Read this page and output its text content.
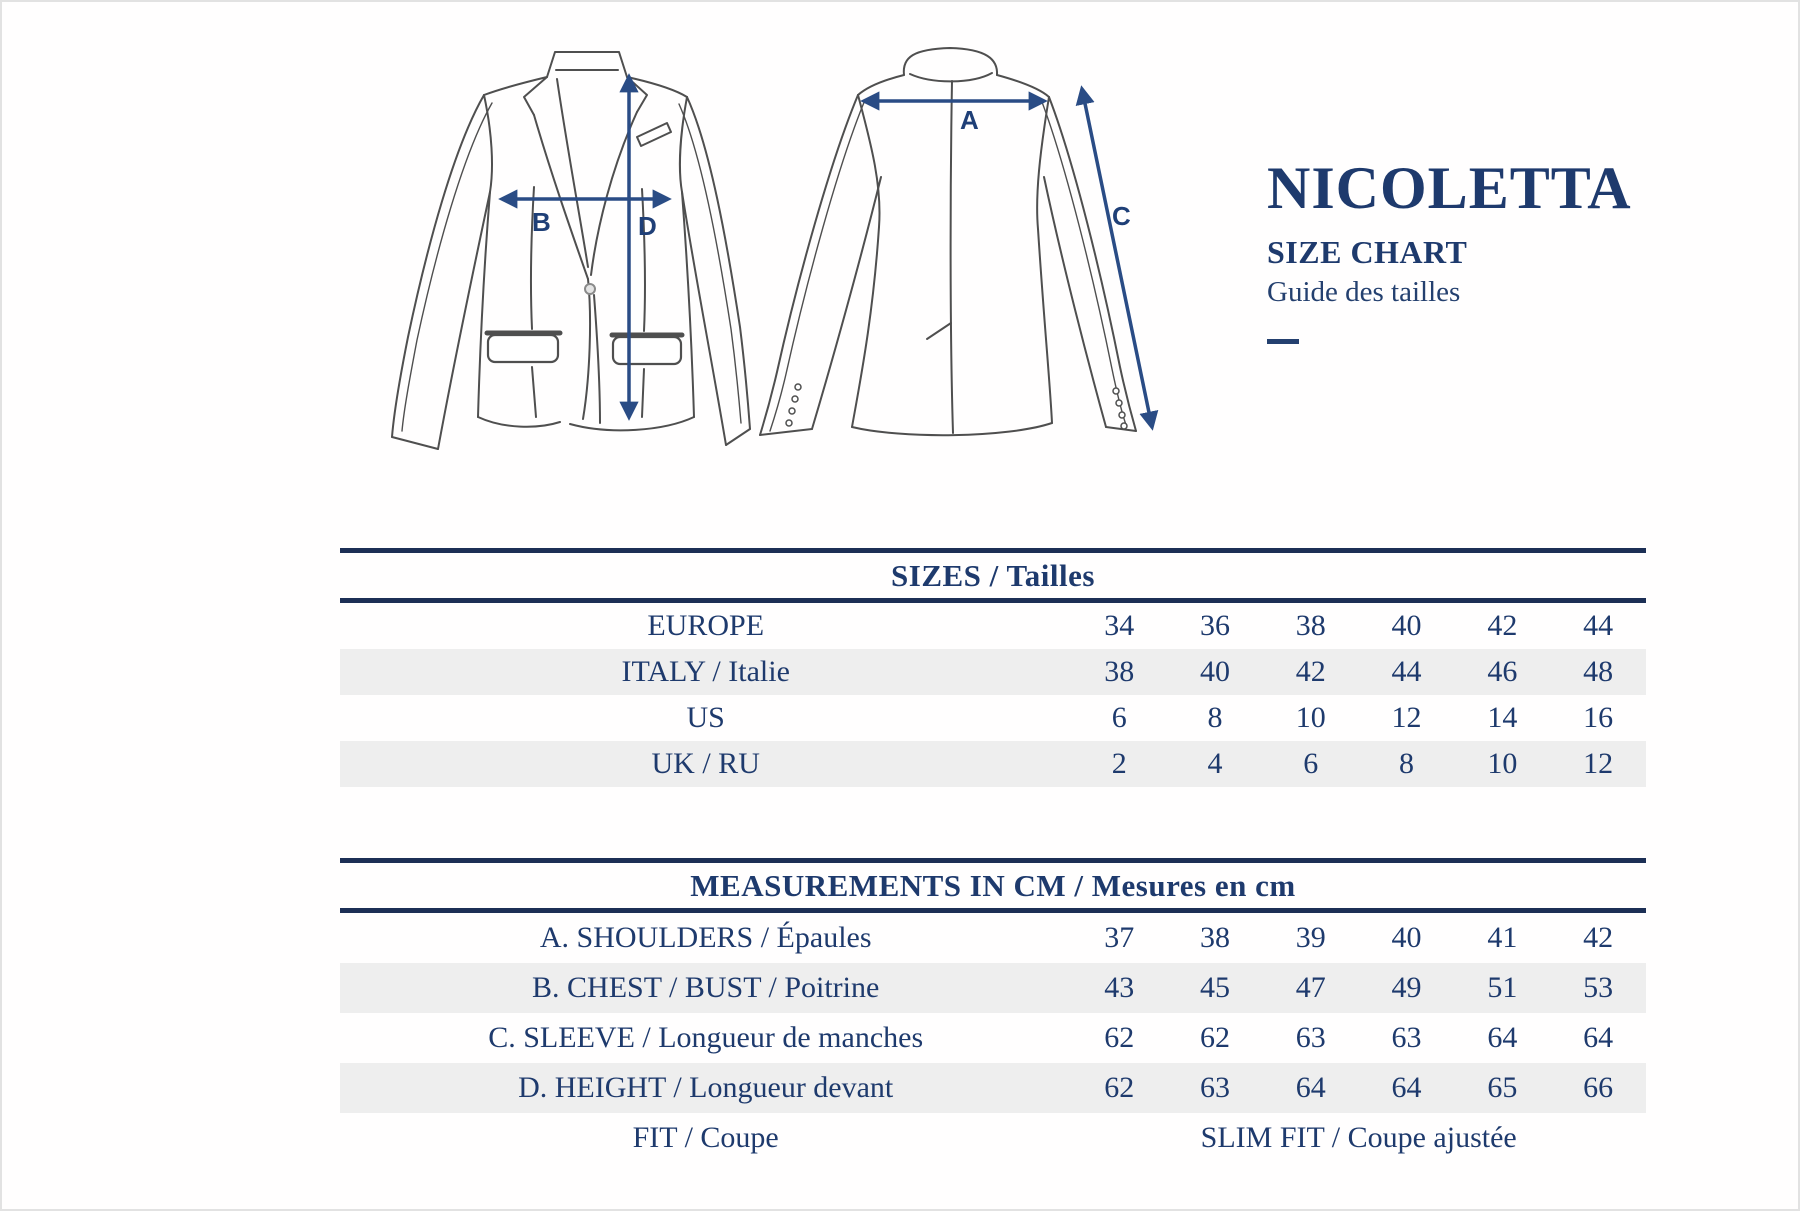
B	D
A
C NICOLETTA
SIZE CHART
Guide des tailles
SIZES / Tailles						
EUROPE	34	36	38	40	42	44
ITALY / Italie	38	40	42	44	46	48
US	6	8	10	12	14	16
UK / RU	2	4	6	8	10	12
MEASUREMENTS IN CM / Mesures en cm						
A. SHOULDERS / Épaules	37	38	39	40	41	42
B. CHEST / BUST / Poitrine	43	45	47	49	51	53
C. SLEEVE / Longueur de manches	62	62	63	63	64	64
D. HEIGHT / Longueur devant	62	63	64	64	65	66
FIT / Coupe	SLIM FIT / Coupe ajustée					
